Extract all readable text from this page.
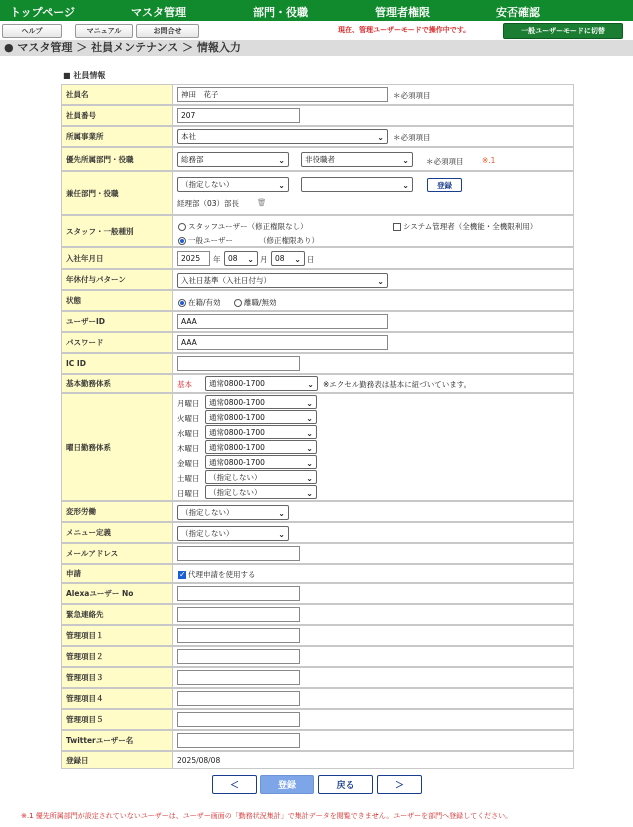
トップページ	マスタ管理	部門・役職	管理者権限	安否確認
ヘルプ	マニュアル	お問合せ	現在、管理ユーザーモードで操作中です。	一般ユーザーモードに切替
● マスタ管理 ＞ 社員メンテナンス ＞ 情報入力
■ 社員情報
社員名	神田　花子	＊必須項目
社員番号	207
所属事業所	本社	⌄ ＊必須項目
優先所属部門・役職	総務部	⌄	非役職者	⌄ ＊必須項目 ※.1
兼任部門・役職
（指定しない）	⌄	⌄	登録
経理部（03）部長 🗑
スタッフ・一般種別	スタッフユーザー（修正権限なし）	システム管理者（全機能・全機限利用）
一般ユーザー	（修正権限あり）
入社年月日	2025	年	08 ⌄ 月	08 ⌄ 日
年休付与パターン	入社日基準（入社日付与）	⌄
状態	在籍/有効	離職/無効
ユーザーID	AAA
パスワード	AAA
IC ID
基本勤務体系	基本	通常0800-1700	⌄ ※エクセル勤務表は基本に紐づいています。
曜日勤務体系
月曜日	通常0800-1700	⌄
火曜日	通常0800-1700	⌄
水曜日	通常0800-1700	⌄
木曜日	通常0800-1700	⌄
金曜日	通常0800-1700	⌄
土曜日	（指定しない）	⌄
日曜日	（指定しない）	⌄
変形労働	（指定しない）	⌄
メニュー定義	（指定しない）	⌄
メールアドレス
申請
✓	代理申請を使用する
Alexaユーザー No
緊急連絡先
管理項目１
管理項目２
管理項目３
管理項目４
管理項目５
Twitterユーザー名
登録日	2025/08/08
＜	登録	戻る	＞
※.1 優先所属部門が設定されていないユーザーは、ユーザー画面の「勤務状況集計」で集計データを閲覧できません。ユーザーを部門へ登録してください。
